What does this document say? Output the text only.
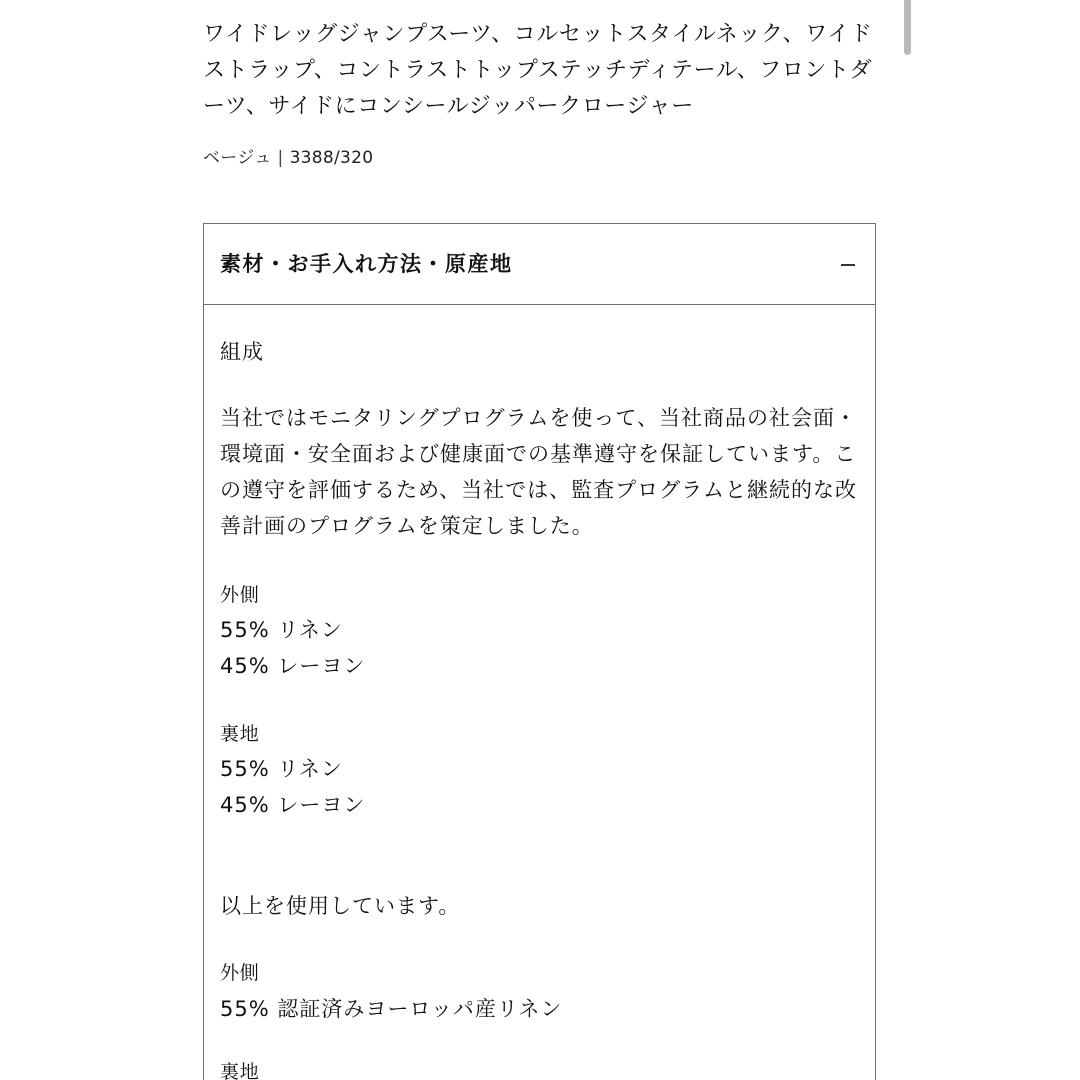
ワイドレッグジャンプスーツ、コルセットスタイルネック、ワイドストラップ、コントラストトップステッチディテール、フロントダーツ、サイドにコンシールジッパークロージャー

ベージュ | 3388/320
素材・お手入れ方法・原産地

組成

当社ではモニタリングプログラムを使って、当社商品の社会面・環境面・安全面および健康面での基準遵守を保証しています。この遵守を評価するため、当社では、監査プログラムと継続的な改善計画のプログラムを策定しました。

外側

55% リネン

45% レーヨン

裏地

55% リネン

45% レーヨン

以上を使用しています。

外側

55% 認証済みヨーロッパ産リネン

裏地
